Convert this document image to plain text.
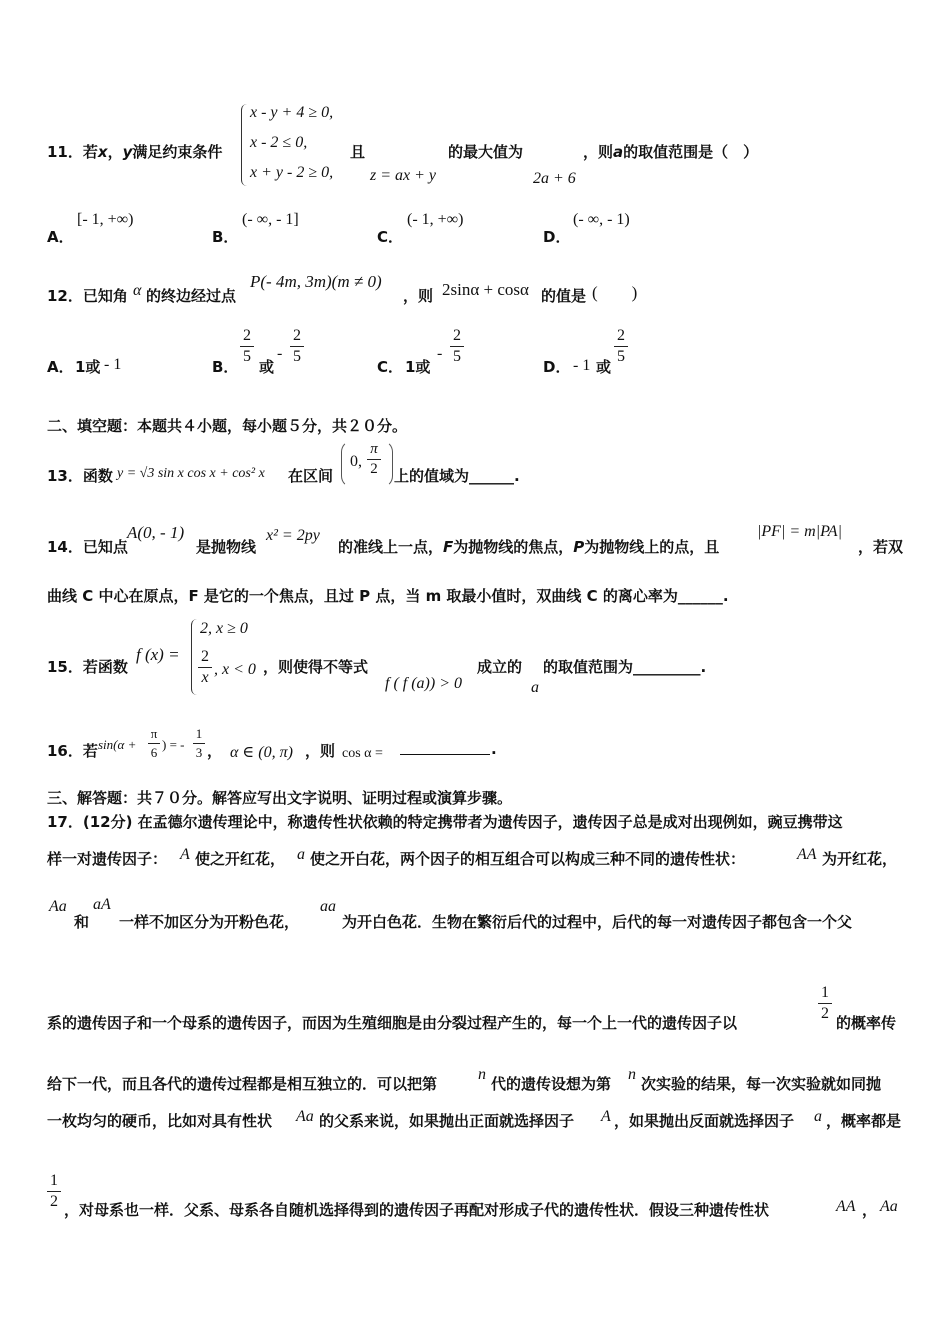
11．若x，y满足约束条件
x - y + 4 ≥ 0,
x - 2 ≤ 0,
x + y - 2 ≥ 0,
且
z = ax + y
的最大值为
2a + 6
，则a的取值范围是（　）
A．
[- 1, +∞)
B．
(- ∞, - 1]
C．
(- 1, +∞)
D．
(- ∞, - 1)
12．已知角 α 的终边经过点
P(- 4m, 3m)(m ≠ 0)
，则 2sinα + cosα 的值是 (　　)
A． 1或 - 1	B．
2
5
或
-
2
5
C． 1或
-
2
5
D． - 1 或
2
5
二、填空题：本题共４小题，每小题５分，共２０分。
13．函数 y = √3 sin x cos x + cos² x 在区间
0,
π
2 上的值域为______.
14．已知点
A(0, - 1)
是抛物线
x² = 2py
的准线上一点，F为抛物线的焦点，P为抛物线上的点，且
|PF| = m|PA|
，若双
曲线 C 中心在原点，F 是它的一个焦点，且过 P 点，当 m 取最小值时，双曲线 C 的离心率为______.
15．若函数
f (x) =
2, x ≥ 0
2
x , x < 0 ，则使得不等式
f ( f (a)) > 0
成立的
a
的取值范围为_________.
16．若 sin(α +
π
6
) = -
1
3 ， α ∈ (0, π) ，则 cos α =	.
三、解答题：共７０分。解答应写出文字说明、证明过程或演算步骤。
17．(12分) 在孟德尔遗传理论中，称遗传性状依赖的特定携带者为遗传因子，遗传因子总是成对出现例如，豌豆携带这
样一对遗传因子： A 使之开红花， a 使之开白花，两个因子的相互组合可以构成三种不同的遗传性状：	AA 为开红花，
Aa
和
aA
一样不加区分为开粉色花，
aa
为开白色花．生物在繁衍后代的过程中，后代的每一对遗传因子都包含一个父
系的遗传因子和一个母系的遗传因子，而因为生殖细胞是由分裂过程产生的，每一个上一代的遗传因子以
1
2
的概率传
给下一代，而且各代的遗传过程都是相互独立的．可以把第
n
代的遗传设想为第
n
次实验的结果，每一次实验就如同抛
一枚均匀的硬币，比如对具有性状 Aa 的父系来说，如果抛出正面就选择因子 A ，如果抛出反面就选择因子 a ，概率都是
1
2 ，对母系也一样．父系、母系各自随机选择得到的遗传因子再配对形成子代的遗传性状．假设三种遗传性状	AA ， Aa
